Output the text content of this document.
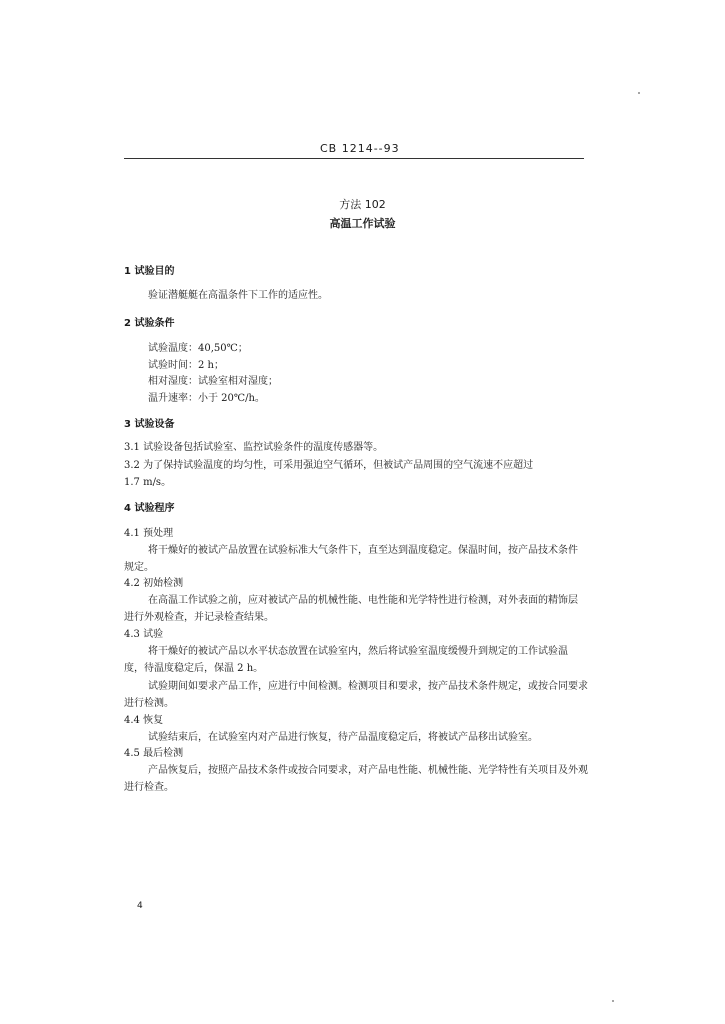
CB 1214--93
方法 102
高温工作试验
1 试验目的
验证潜艇艇在高温条件下工作的适应性。
2 试验条件
试验温度：40,50℃；
试验时间：2 h；
相对湿度：试验室相对湿度；
温升速率：小于 20℃/h。
3 试验设备
3.1 试验设备包括试验室、监控试验条件的温度传感器等。
3.2 为了保持试验温度的均匀性，可采用强迫空气循环，但被试产品周围的空气流速不应超过
1.7 m/s。
4 试验程序
4.1 预处理
将干燥好的被试产品放置在试验标准大气条件下，直至达到温度稳定。保温时间，按产品技术条件
规定。
4.2 初始检测
在高温工作试验之前，应对被试产品的机械性能、电性能和光学特性进行检测，对外表面的精饰层
进行外观检查，并记录检查结果。
4.3 试验
将干燥好的被试产品以水平状态放置在试验室内，然后将试验室温度缓慢升到规定的工作试验温
度，待温度稳定后，保温 2 h。
试验期间如要求产品工作，应进行中间检测。检测项目和要求，按产品技术条件规定，或按合同要求
进行检测。
4.4 恢复
试验结束后，在试验室内对产品进行恢复，待产品温度稳定后，将被试产品移出试验室。
4.5 最后检测
产品恢复后，按照产品技术条件或按合同要求，对产品电性能、机械性能、光学特性有关项目及外观
进行检查。
4
